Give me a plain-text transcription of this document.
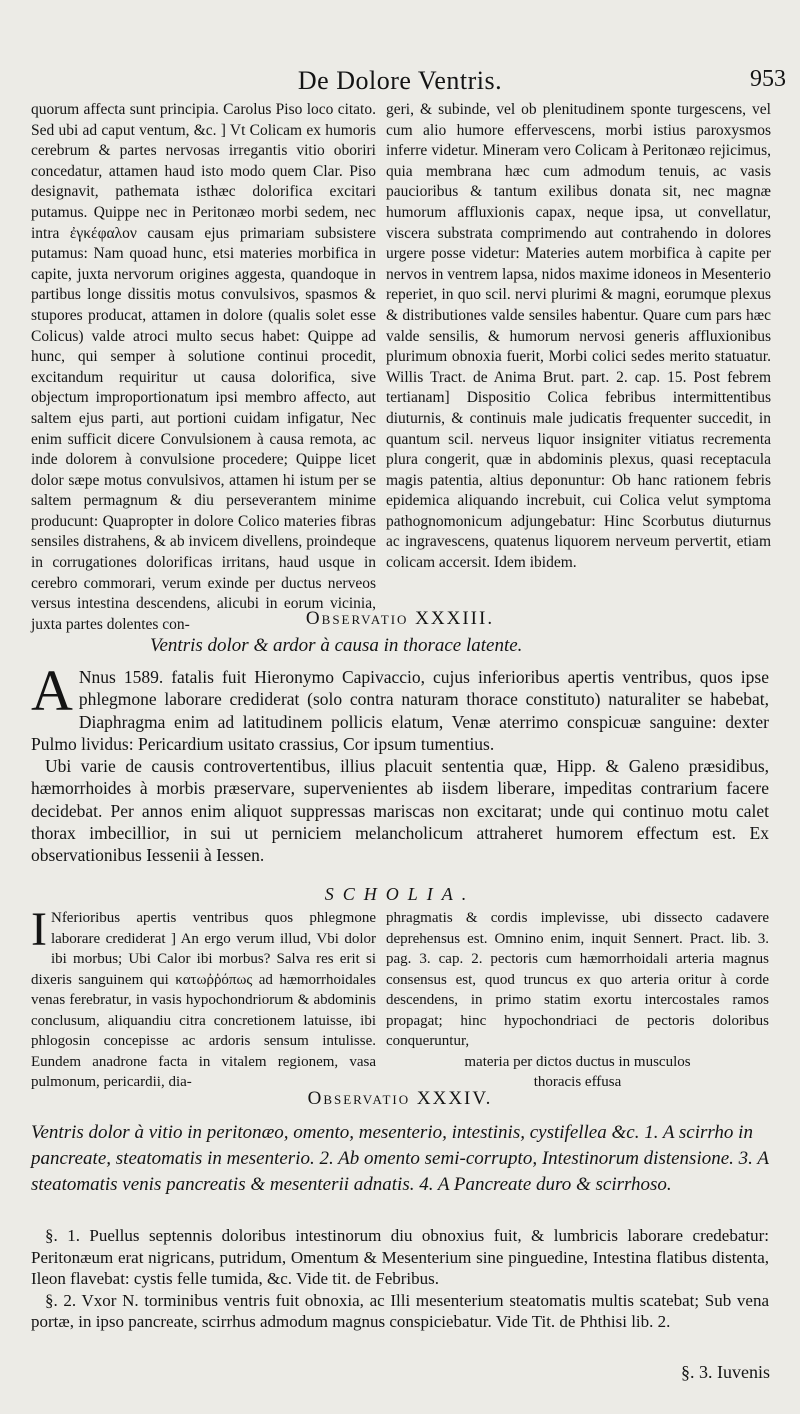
De Dolore Ventris.	953

quorum affecta sunt principia. Carolus Piso loco citato. Sed ubi ad caput ventum, &c. ] Vt Colicam ex humoris cerebrum & partes nervosas irregantis vitio oboriri concedatur, attamen haud isto modo quem Clar. Piso designavit, pathemata isthæc dolorifica excitari putamus. Quippe nec in Peritonæo morbi sedem, nec intra ἐγκέφαλον causam ejus primariam subsistere putamus: Nam quoad hunc, etsi materies morbifica in capite, juxta nervorum origines aggesta, quandoque in partibus longe dissitis motus convulsivos, spasmos & stupores producat, attamen in dolore (qualis solet esse Colicus) valde atroci multo secus habet: Quippe ad hunc, qui semper à solutione continui procedit, excitandum requiritur ut causa dolorifica, sive objectum improportionatum ipsi membro affecto, aut saltem ejus parti, aut portioni cuidam infigatur, Nec enim sufficit dicere Convulsionem à causa remota, ac inde dolorem à convulsione procedere; Quippe licet dolor sæpe motus convulsivos, attamen hi istum per se saltem permagnum & diu perseverantem minime producunt: Quapropter in dolore Colico materies fibras sensiles distrahens, & ab invicem divellens, proindeque in corrugationes dolorificas irritans, haud usque in cerebro commorari, verum exinde per ductus nerveos versus intestina descendens, alicubi in eorum vicinia, juxta partes dolentes con-

geri, & subinde, vel ob plenitudinem sponte turgescens, vel cum alio humore effervescens, morbi istius paroxysmos inferre videtur. Mineram vero Colicam à Peritonæo rejicimus, quia membrana hæc cum admodum tenuis, ac vasis paucioribus & tantum exilibus donata sit, nec magnæ humorum affluxionis capax, neque ipsa, ut convellatur, viscera substrata comprimendo aut contrahendo in dolores urgere posse videtur: Materies autem morbifica à capite per nervos in ventrem lapsa, nidos maxime idoneos in Mesenterio reperiet, in quo scil. nervi plurimi & magni, eorumque plexus & distributiones valde sensiles habentur. Quare cum pars hæc valde sensilis, & humorum nervosi generis affluxionibus plurimum obnoxia fuerit, Morbi colici sedes merito statuatur. Willis Tract. de Anima Brut. part. 2. cap. 15. Post febrem tertianam] Dispositio Colica febribus intermittentibus diuturnis, & continuis male judicatis frequenter succedit, in quantum scil. nerveus liquor insigniter vitiatus recrementa plura congerit, quæ in abdominis plexus, quasi receptacula magis patentia, altius deponuntur: Ob hanc rationem febris epidemica aliquando increbuit, cui Colica velut symptoma pathognomonicum adjungebatur: Hinc Scorbutus diuturnus ac ingravescens, quatenus liquorem nerveum pervertit, etiam colicam accersit. Idem ibidem.

Observatio XXXIII.
Ventris dolor & ardor à causa in thorace latente.

A Nnus 1589. fatalis fuit Hieronymo Capivaccio, cujus inferioribus apertis ventribus, quos ipse phlegmone laborare crediderat (solo contra naturam thorace constituto) naturaliter se habebat, Diaphragma enim ad latitudinem pollicis elatum, Venæ aterrimo conspicuæ sanguine: dexter Pulmo lividus: Pericardium usitato crassius, Cor ipsum tumentius.

Ubi varie de causis controvertentibus, illius placuit sententia quæ, Hipp. & Galeno præsidibus, hæmorrhoides à morbis præservare, supervenientes ab iisdem liberare, impeditas contrarium facere decidebat. Per annos enim aliquot suppressas mariscas non excitarat; unde qui continuo motu calet thorax imbecillior, in sui ut perniciem melancholicum attraheret humorem effectum est. Ex observationibus Iessenii à Iessen.

SCHOLIA.

I Nferioribus apertis ventribus quos phlegmone laborare crediderat ] An ergo verum illud, Vbi dolor ibi morbus; Ubi Calor ibi morbus? Salva res erit si dixeris sanguinem qui κατωῤῥόπως ad hæmorrhoidales venas ferebratur, in vasis hypochondriorum & abdominis conclusum, aliquandiu citra concretionem latuisse, ibi phlogosin concepisse ac ardoris sensum intulisse. Eundem anadrone facta in vitalem regionem, vasa pulmonum, pericardii, dia-

phragmatis & cordis implevisse, ubi dissecto cadavere deprehensus est. Omnino enim, inquit Sennert. Pract. lib. 3. pag. 3. cap. 2. pectoris cum hæmorrhoidali arteria magnus consensus est, quod truncus ex quo arteria oritur à corde descendens, in primo statim exortu intercostales ramos propagat; hinc hypochondriaci de pectoris doloribus conqueruntur,

materia per dictos ductus in musculos

thoracis effusa

Observatio XXXIV.

Ventris dolor à vitio in peritonæo, omento, mesenterio, intestinis, cystifellea &c. 1. A scirrho in pancreate, steatomatis in mesenterio. 2. Ab omento semi-corrupto, Intestinorum distensione. 3. A steatomatis venis pancreatis & mesenterii adnatis. 4. A Pancreate duro & scirrhoso.

§. 1. Puellus septennis doloribus intestinorum diu obnoxius fuit, & lumbricis laborare credebatur: Peritonæum erat nigricans, putridum, Omentum & Mesenterium sine pinguedine, Intestina flatibus distenta, Ileon flavebat: cystis felle tumida, &c. Vide tit. de Febribus.

§. 2. Vxor N. torminibus ventris fuit obnoxia, ac Illi mesenterium steatomatis multis scatebat; Sub vena portæ, in ipso pancreate, scirrhus admodum magnus conspiciebatur. Vide Tit. de Phthisi lib. 2.

§. 3. Iuvenis
